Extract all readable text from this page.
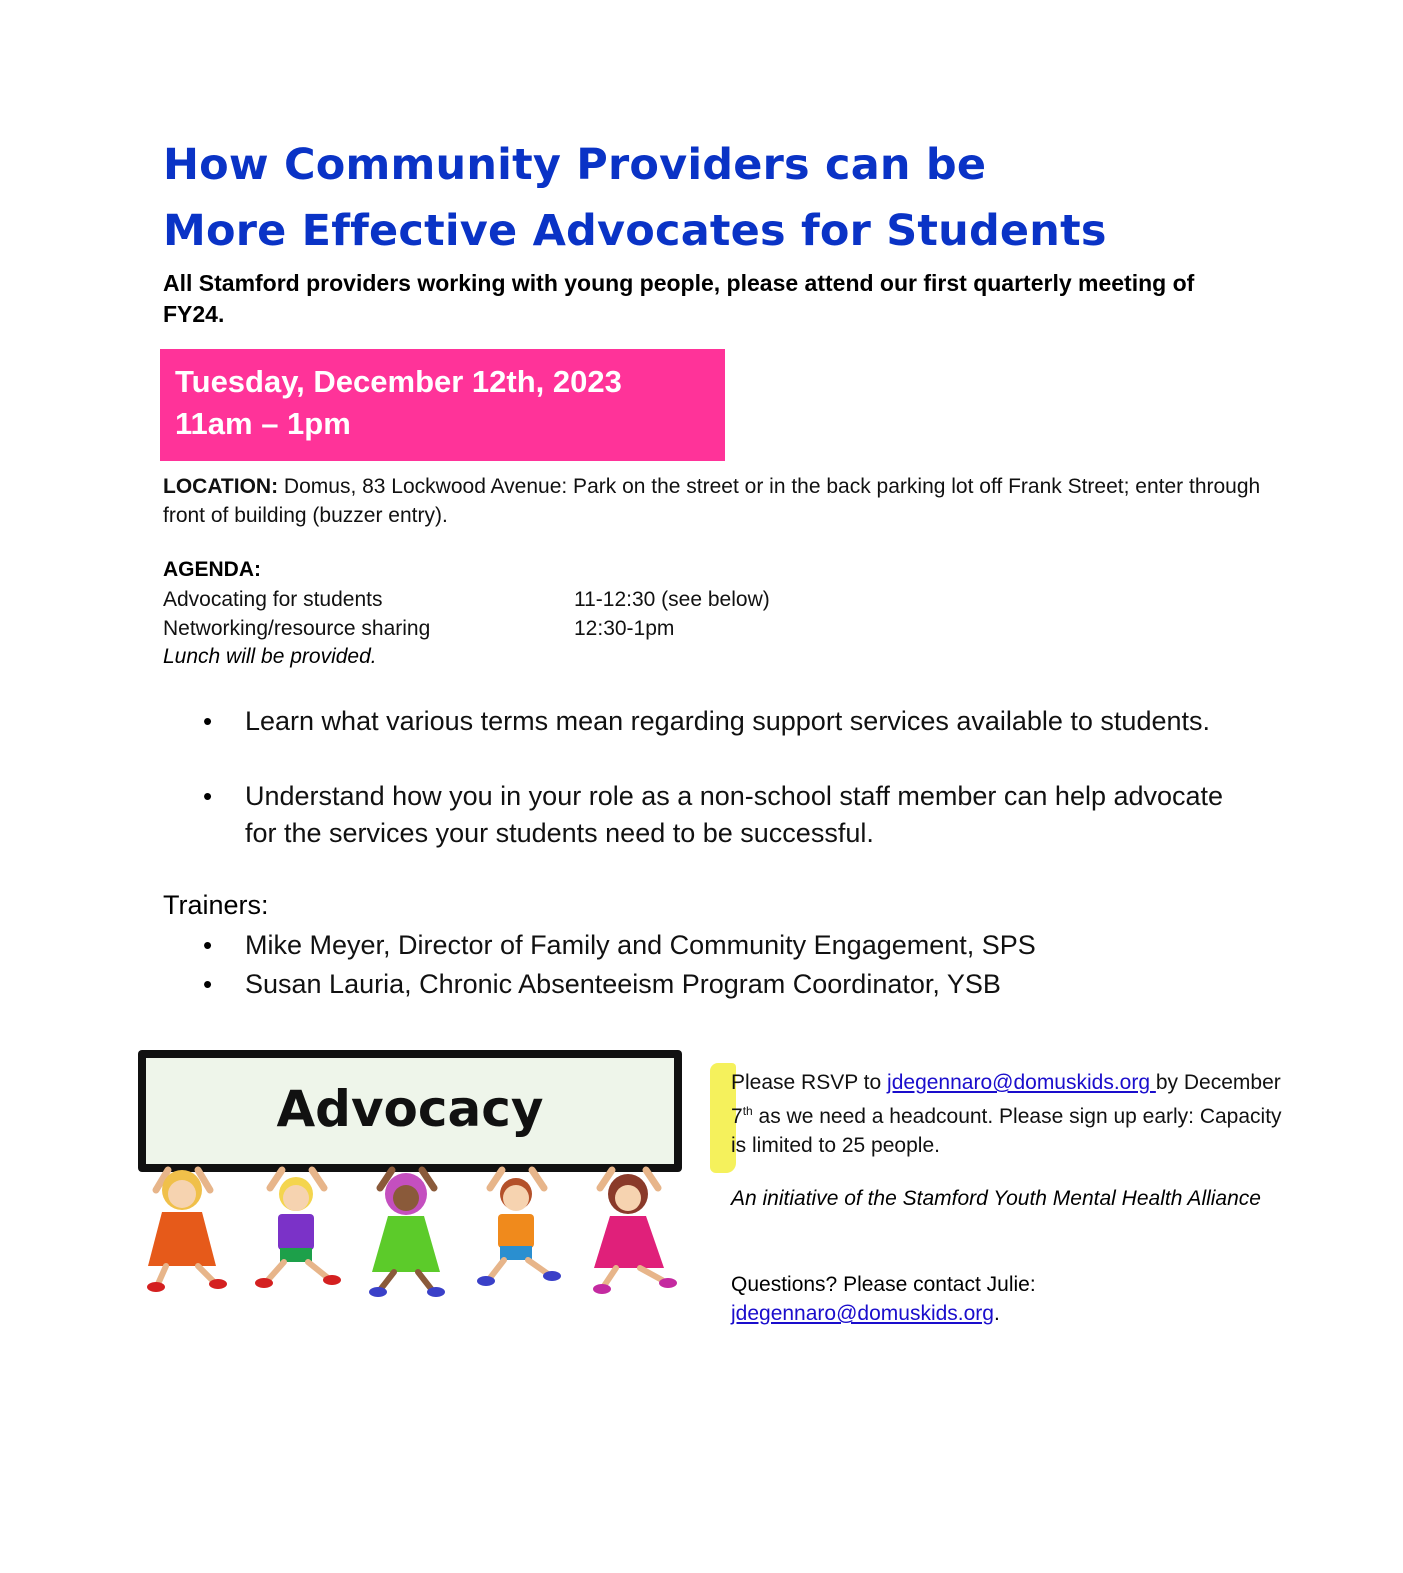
How Community Providers can be
More Effective Advocates for Students
All Stamford providers working with young people, please attend our first quarterly meeting of FY24.
Tuesday, December 12th, 2023
11am – 1pm
LOCATION: Domus, 83 Lockwood Avenue: Park on the street or in the back parking lot off Frank Street; enter through front of building (buzzer entry).
AGENDA:
Advocating for students	11-12:30 (see below)
Networking/resource sharing	12:30-1pm
Lunch will be provided.
• Learn what various terms mean regarding support services available to students.
• Understand how you in your role as a non-school staff member can help advocate for the services your students need to be successful.
Trainers:
• Mike Meyer, Director of Family and Community Engagement, SPS
• Susan Lauria, Chronic Absenteeism Program Coordinator, YSB
Advocacy	Please RSVP to jdegennaro@domuskids.org by December 7th as we need a headcount. Please sign up early: Capacity is limited to 25 people.
An initiative of the Stamford Youth Mental Health Alliance
Questions? Please contact Julie: jdegennaro@domuskids.org.
